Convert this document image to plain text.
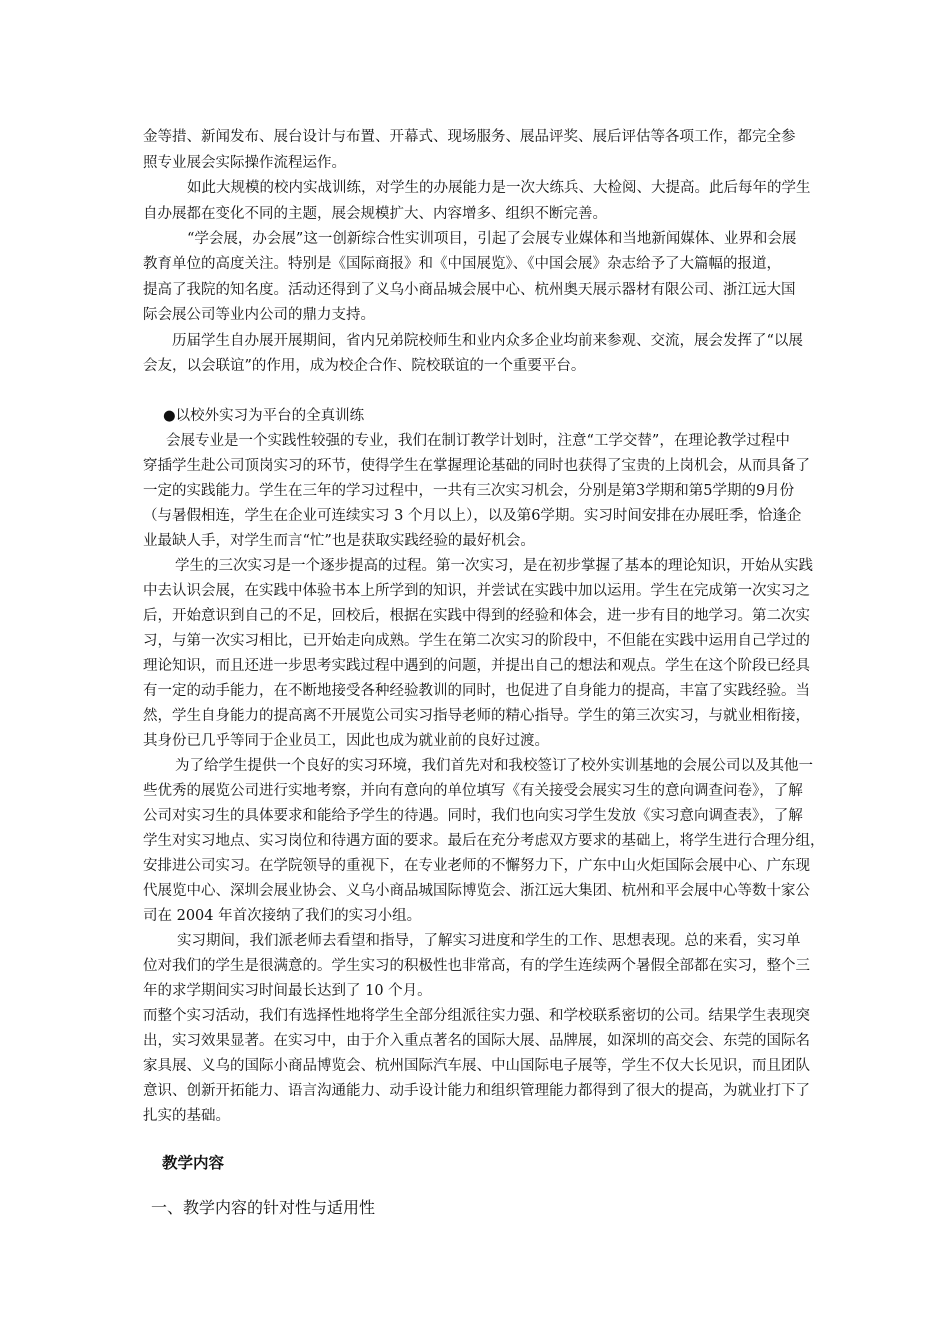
金等措、新闻发布、展台设计与布置、开幕式、现场服务、展品评奖、展后评估等各项工作，都完全参

照专业展会实际操作流程运作。

如此大规模的校内实战训练，对学生的办展能力是一次大练兵、大检阅、大提高。此后每年的学生

自办展都在变化不同的主题，展会规模扩大、内容增多、组织不断完善。

“学会展，办会展”这一创新综合性实训项目，引起了会展专业媒体和当地新闻媒体、业界和会展

教育单位的高度关注。特别是《国际商报》和《中国展览》、《中国会展》杂志给予了大篇幅的报道，

提高了我院的知名度。活动还得到了义乌小商品城会展中心、杭州奥天展示器材有限公司、浙江远大国

际会展公司等业内公司的鼎力支持。

历届学生自办展开展期间，省内兄弟院校师生和业内众多企业均前来参观、交流，展会发挥了“以展

会友，以会联谊”的作用，成为校企合作、院校联谊的一个重要平台。

●以校外实习为平台的全真训练

会展专业是一个实践性较强的专业，我们在制订教学计划时，注意“工学交替”，在理论教学过程中

穿插学生赴公司顶岗实习的环节，使得学生在掌握理论基础的同时也获得了宝贵的上岗机会，从而具备了

一定的实践能力。学生在三年的学习过程中，一共有三次实习机会，分别是第3学期和第5学期的9月份

（与暑假相连，学生在企业可连续实习 3 个月以上），以及第6学期。实习时间安排在办展旺季，恰逢企

业最缺人手，对学生而言“忙”也是获取实践经验的最好机会。

学生的三次实习是一个逐步提高的过程。第一次实习，是在初步掌握了基本的理论知识，开始从实践

中去认识会展，在实践中体验书本上所学到的知识，并尝试在实践中加以运用。学生在完成第一次实习之

后，开始意识到自己的不足，回校后，根据在实践中得到的经验和体会，进一步有目的地学习。第二次实

习，与第一次实习相比，已开始走向成熟。学生在第二次实习的阶段中，不但能在实践中运用自己学过的

理论知识，而且还进一步思考实践过程中遇到的问题，并提出自己的想法和观点。学生在这个阶段已经具

有一定的动手能力，在不断地接受各种经验教训的同时，也促进了自身能力的提高，丰富了实践经验。当

然，学生自身能力的提高离不开展览公司实习指导老师的精心指导。学生的第三次实习，与就业相衔接，

其身份已几乎等同于企业员工，因此也成为就业前的良好过渡。

为了给学生提供一个良好的实习环境，我们首先对和我校签订了校外实训基地的会展公司以及其他一

些优秀的展览公司进行实地考察，并向有意向的单位填写《有关接受会展实习生的意向调查问卷》，了解

公司对实习生的具体要求和能给予学生的待遇。同时，我们也向实习学生发放《实习意向调查表》，了解

学生对实习地点、实习岗位和待遇方面的要求。最后在充分考虑双方要求的基础上，将学生进行合理分组，

安排进公司实习。在学院领导的重视下，在专业老师的不懈努力下，广东中山火炬国际会展中心、广东现

代展览中心、深圳会展业协会、义乌小商品城国际博览会、浙江远大集团、杭州和平会展中心等数十家公

司在 2004 年首次接纳了我们的实习小组。

实习期间，我们派老师去看望和指导，了解实习进度和学生的工作、思想表现。总的来看，实习单

位对我们的学生是很满意的。学生实习的积极性也非常高，有的学生连续两个暑假全部都在实习，整个三

年的求学期间实习时间最长达到了 10 个月。

而整个实习活动，我们有选择性地将学生全部分组派往实力强、和学校联系密切的公司。结果学生表现突

出，实习效果显著。在实习中，由于介入重点著名的国际大展、品牌展，如深圳的高交会、东莞的国际名

家具展、义乌的国际小商品博览会、杭州国际汽车展、中山国际电子展等，学生不仅大长见识，而且团队

意识、创新开拓能力、语言沟通能力、动手设计能力和组织管理能力都得到了很大的提高，为就业打下了

扎实的基础。

教学内容

一、教学内容的针对性与适用性
